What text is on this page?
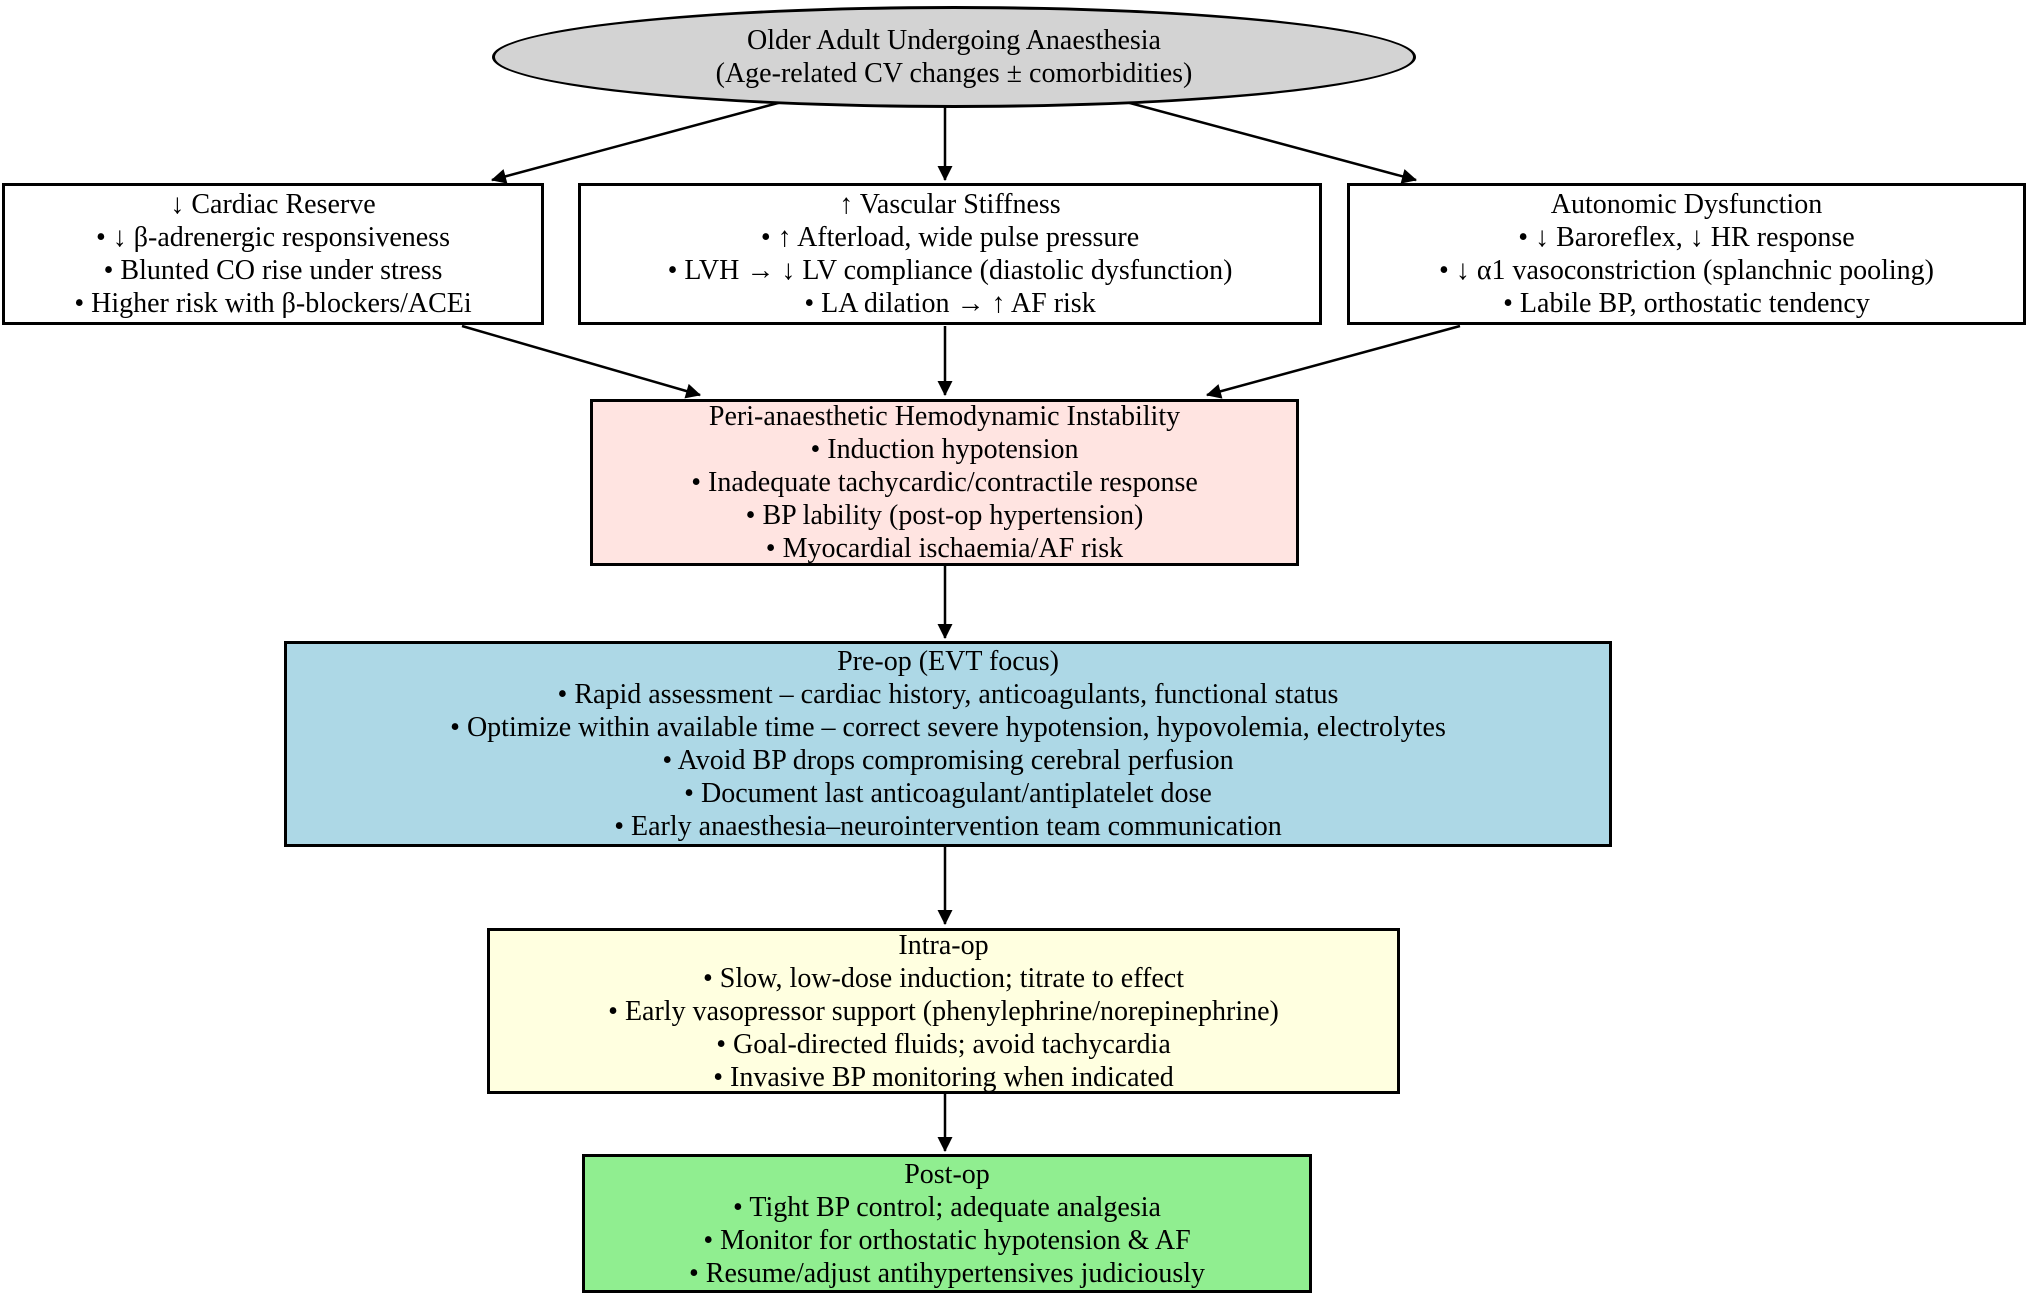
Older Adult Undergoing Anaesthesia
(Age-related CV changes ± comorbidities)
↓ Cardiac Reserve
• ↓ β-adrenergic responsiveness
• Blunted CO rise under stress
• Higher risk with β-blockers/ACEi
↑ Vascular Stiffness
• ↑ Afterload, wide pulse pressure
• LVH → ↓ LV compliance (diastolic dysfunction)
• LA dilation → ↑ AF risk
Autonomic Dysfunction
• ↓ Baroreflex, ↓ HR response
• ↓ α1 vasoconstriction (splanchnic pooling)
• Labile BP, orthostatic tendency
Peri-anaesthetic Hemodynamic Instability
• Induction hypotension
• Inadequate tachycardic/contractile response
• BP lability (post-op hypertension)
• Myocardial ischaemia/AF risk
Pre-op (EVT focus)
• Rapid assessment – cardiac history, anticoagulants, functional status
• Optimize within available time – correct severe hypotension, hypovolemia, electrolytes
• Avoid BP drops compromising cerebral perfusion
• Document last anticoagulant/antiplatelet dose
• Early anaesthesia–neurointervention team communication
Intra-op
• Slow, low-dose induction; titrate to effect
• Early vasopressor support (phenylephrine/norepinephrine)
• Goal-directed fluids; avoid tachycardia
• Invasive BP monitoring when indicated
Post-op
• Tight BP control; adequate analgesia
• Monitor for orthostatic hypotension & AF
• Resume/adjust antihypertensives judiciously
